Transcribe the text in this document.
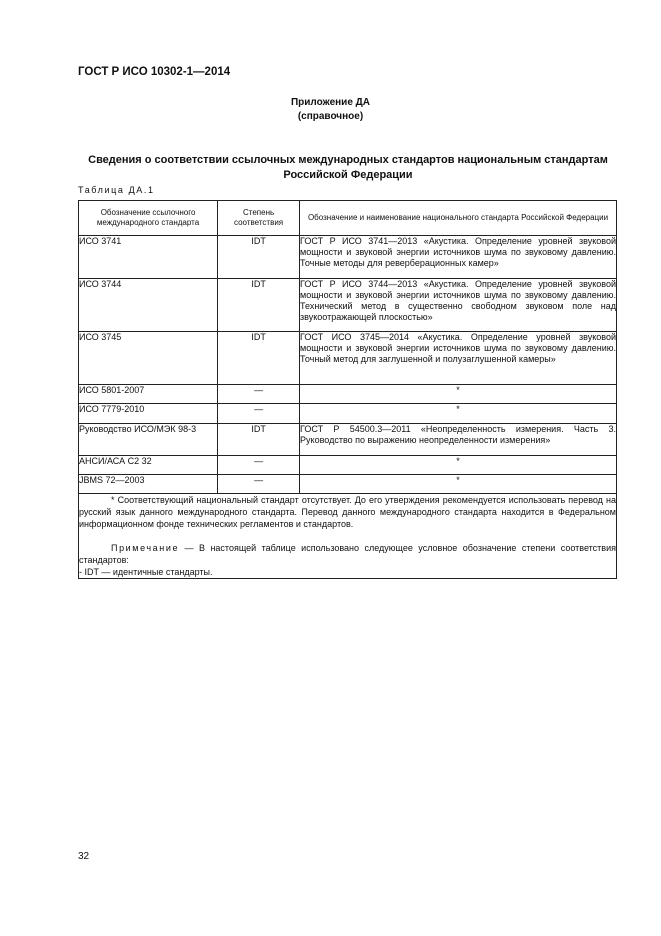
ГОСТ Р ИСО 10302-1—2014
Приложение ДА
(справочное)
Сведения о соответствии ссылочных международных стандартов национальным стандартам Российской Федерации
Таблица ДА.1
Обозначение ссылочного международного стандарта	Степень соответствия	Обозначение и наименование национального стандарта Российской Федерации
ИСО 3741	IDT	ГОСТ Р ИСО 3741—2013 «Акустика. Определение уровней звуковой мощности и звуковой энергии источников шума по звуковому давлению. Точные методы для реверберационных камер»
ИСО 3744	IDT	ГОСТ Р ИСО 3744—2013 «Акустика. Определение уровней звуковой мощности и звуковой энергии источников шума по звуковому давлению. Технический метод в существенно свободном звуковом поле над звукоотражающей плоскостью»
ИСО 3745	IDT	ГОСТ ИСО 3745—2014 «Акустика. Определение уровней звуковой мощности и звуковой энергии источников шума по звуковому давлению. Точный метод для заглушенной и полузаглушенной камеры»
ИСО 5801-2007	—	*
ИСО 7779-2010	—	*
Руководство ИСО/МЭК 98-3	IDT	ГОСТ Р 54500.3—2011 «Неопределенность измерения. Часть 3. Руководство по выражению неопределенности измерения»
АНСИ/АСА С2 32	—	*
JBMS 72—2003	—	*

* Соответствующий национальный стандарт отсутствует. До его утверждения рекомендуется использовать перевод на русский язык данного международного стандарта. Перевод данного международного стандарта находится в Федеральном информационном фонде технических регламентов и стандартов.

Примечание — В настоящей таблице использовано следующее условное обозначение степени соответствия стандартов:

- IDT — идентичные стандарты.		
32
